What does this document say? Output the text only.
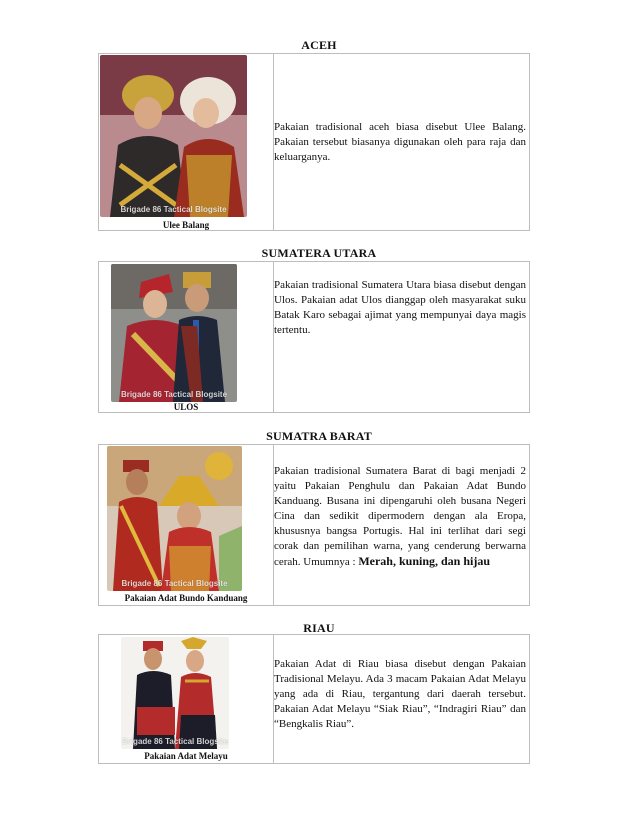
ACEH
Brigade 86 Tactical Blogsite
Ulee Balang
Pakaian tradisional aceh biasa disebut Ulee Balang. Pakaian tersebut biasanya digunakan oleh para raja dan keluarganya.
SUMATERA UTARA
Brigade 86 Tactical Blogsite
ULOS
Pakaian tradisional Sumatera Utara biasa disebut dengan Ulos. Pakaian adat Ulos dianggap oleh masyarakat suku Batak Karo sebagai ajimat yang mempunyai daya magis tertentu.
SUMATRA BARAT
Brigade 86 Tactical Blogsite
Pakaian Adat Bundo Kanduang
Pakaian tradisional Sumatera Barat di bagi menjadi 2 yaitu Pakaian Penghulu dan Pakaian Adat Bundo Kanduang. Busana ini dipengaruhi oleh busana Negeri Cina dan sedikit dipermodern dengan ala Eropa, khususnya bangsa Portugis. Hal ini terlihat dari segi corak dan pemilihan warna, yang cenderung berwarna cerah. Umumnya : Merah, kuning, dan hijau
RIAU
Brigade 86 Tactical Blogsite
Pakaian Adat Melayu
Pakaian Adat di Riau biasa disebut dengan Pakaian Tradisional Melayu. Ada 3 macam Pakaian Adat Melayu yang ada di Riau, tergantung dari daerah tersebut. Pakaian Adat Melayu “Siak Riau”, “Indragiri Riau” dan “Bengkalis Riau”.
